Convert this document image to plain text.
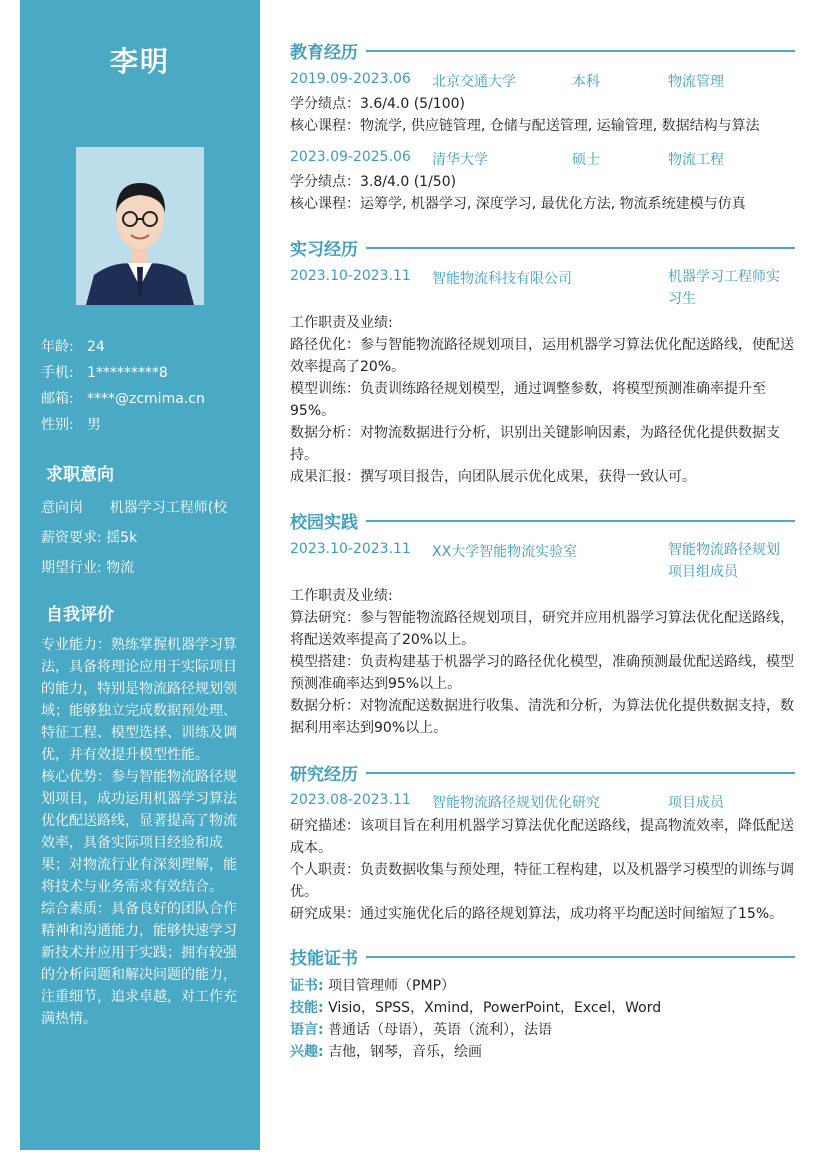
李明
年龄: 24
手机: 1*********8
邮箱: ****@zcmima.cn
性别: 男
求职意向
意向岗      机器学习工程师(校
薪资要求: 揺5k
期望行业: 物流
自我评价
专业能力：熟练掌握机器学习算法，具备将理论应用于实际项目的能力，特别是物流路径规划领域；能够独立完成数据预处理、特征工程、模型选择、训练及调优，并有效提升模型性能。
核心优势：参与智能物流路径规划项目，成功运用机器学习算法优化配送路线，显著提高了物流效率，具备实际项目经验和成果；对物流行业有深刻理解，能将技术与业务需求有效结合。
综合素质：具备良好的团队合作精神和沟通能力，能够快速学习新技术并应用于实践；拥有较强的分析问题和解决问题的能力，注重细节，追求卓越，对工作充满热情。
教育经历
2019.09-2023.06 北京交通大学	本科	物流管理
学分绩点：3.6/4.0 (5/100)
核心课程：物流学, 供应链管理, 仓储与配送管理, 运输管理, 数据结构与算法
2023.09-2025.06 清华大学	硕士	物流工程
学分绩点：3.8/4.0 (1/50)
核心课程：运筹学, 机器学习, 深度学习, 最优化方法, 物流系统建模与仿真
实习经历
2023.10-2023.11 智能物流科技有限公司	机器学习工程师实习生
工作职责及业绩:
路径优化：参与智能物流路径规划项目，运用机器学习算法优化配送路线，使配送效率提高了20%。
模型训练：负责训练路径规划模型，通过调整参数，将模型预测准确率提升至95%。
数据分析：对物流数据进行分析，识别出关键影响因素，为路径优化提供数据支持。
成果汇报：撰写项目报告，向团队展示优化成果，获得一致认可。
校园实践
2023.10-2023.11 XX大学智能物流实验室	智能物流路径规划项目组成员
工作职责及业绩:
算法研究：参与智能物流路径规划项目，研究并应用机器学习算法优化配送路线，将配送效率提高了20%以上。
模型搭建：负责构建基于机器学习的路径优化模型，准确预测最优配送路线，模型预测准确率达到95%以上。
数据分析：对物流配送数据进行收集、清洗和分析，为算法优化提供数据支持，数据利用率达到90%以上。
研究经历
2023.08-2023.11 智能物流路径规划优化研究	项目成员
研究描述：该项目旨在利用机器学习算法优化配送路线，提高物流效率，降低配送成本。
个人职责：负责数据收集与预处理，特征工程构建，以及机器学习模型的训练与调优。
研究成果：通过实施优化后的路径规划算法，成功将平均配送时间缩短了15%。
技能证书
证书: 项目管理师（PMP）
技能: Visio，SPSS，Xmind，PowerPoint，Excel，Word
语言: 普通话（母语），英语（流利），法语
兴趣: 吉他，钢琴，音乐，绘画
